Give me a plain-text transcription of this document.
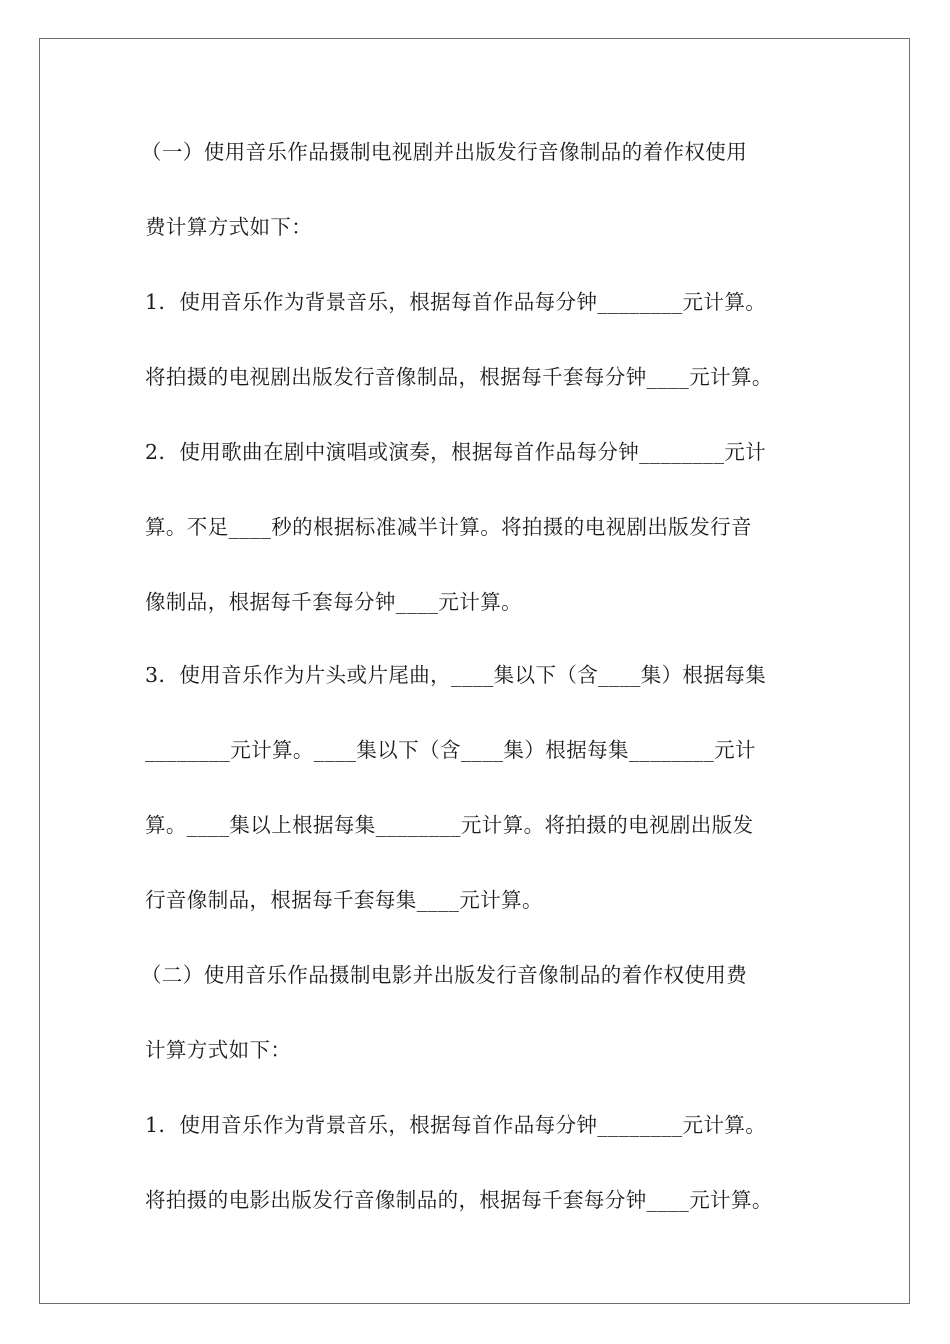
（一）使用音乐作品摄制电视剧并出版发行音像制品的着作权使用
费计算方式如下：
1．使用音乐作为背景音乐，根据每首作品每分钟________元计算。
将拍摄的电视剧出版发行音像制品，根据每千套每分钟____元计算。
2．使用歌曲在剧中演唱或演奏，根据每首作品每分钟________元计
算。不足____秒的根据标准减半计算。将拍摄的电视剧出版发行音
像制品，根据每千套每分钟____元计算。
3．使用音乐作为片头或片尾曲，____集以下（含____集）根据每集
________元计算。____集以下（含____集）根据每集________元计
算。____集以上根据每集________元计算。将拍摄的电视剧出版发
行音像制品，根据每千套每集____元计算。
（二）使用音乐作品摄制电影并出版发行音像制品的着作权使用费
计算方式如下：
1．使用音乐作为背景音乐，根据每首作品每分钟________元计算。
将拍摄的电影出版发行音像制品的，根据每千套每分钟____元计算。
